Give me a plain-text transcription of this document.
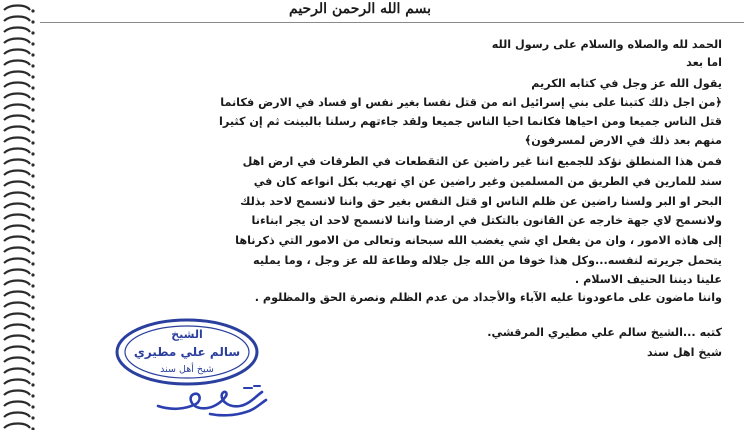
بسم الله الرحمن الرحيم
الحمد لله والصلاه والسلام على رسول الله
اما بعد
يقول الله عز وجل في كتابه الكريم
﴿من اجل ذلك كتبنا على بني إسرائيل انه من قتل نفسا بغير نفس او فساد في الارض فكانما
قتل الناس جميعا ومن احياها فكانما احيا الناس جميعا ولقد جاءتهم رسلنا بالبينت ثم إن كثيرا
منهم بعد ذلك في الارض لمسرفون﴾
فمن هذا المنطلق نؤكد للجميع اننا غير راضين عن التقطعات في الطرقات في ارض اهل
سند للمارين في الطريق من المسلمين وغير راضين عن اي تهريب بكل انواعه كان في
البحر او البر ولسنا راضين عن ظلم الناس او قتل النفس بغير حق واننا لانسمح لاحد بذلك
ولانسمح لاي جهة خارجه عن القانون بالتكتل في ارضنا واننا لانسمح لاحد ان يجر ابناءنا
إلى هاذه الامور ، وان من يفعل اي شي يغضب الله سبحانه وتعالى من الامور التي ذكرناها
يتحمل جريرته لنفسه...وكل هذا خوفا من الله جل جلاله وطاعة لله عز وجل ، وما يمليه
علينا ديننا الحنيف الاسلام .
واننا ماضون على ماعودونا عليه الآباء والأجداد من عدم الظلم ونصرة الحق والمظلوم .
كتبه ...الشيخ سالم علي مطيري المرقشي.
شيخ اهل سند
الشيخ
سالم علي مطيري
شيخ أهل سند
